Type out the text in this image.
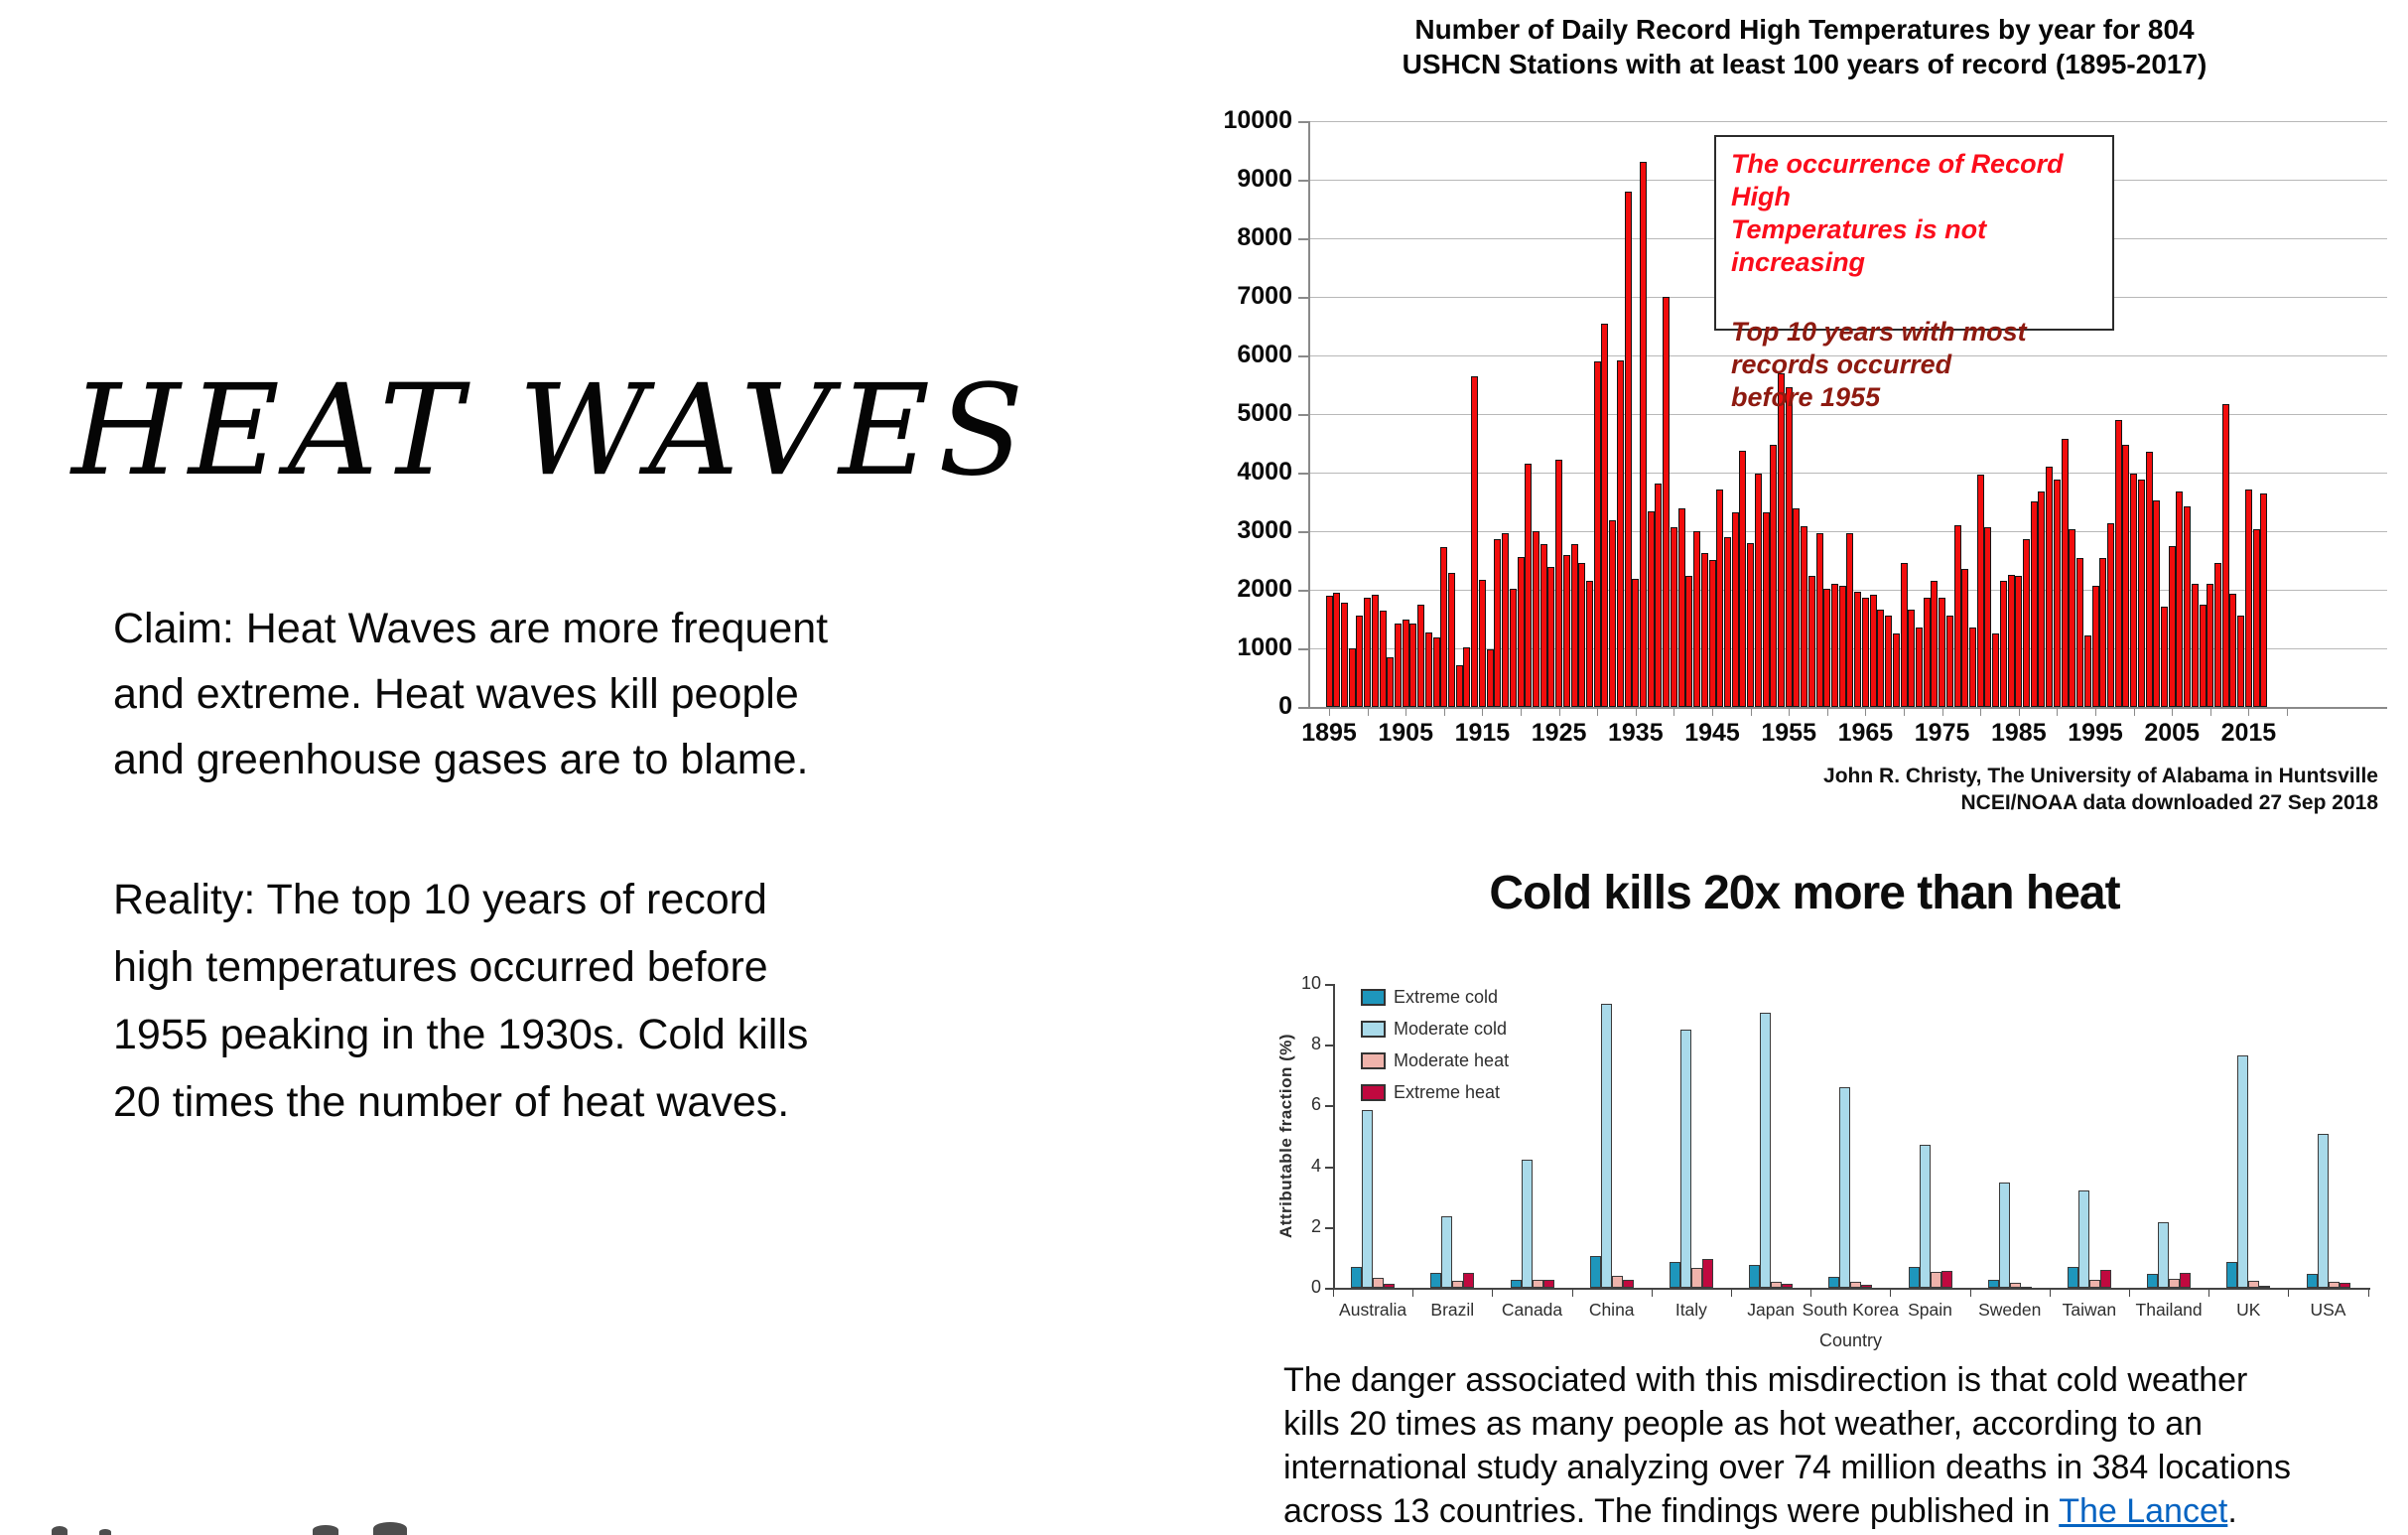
HEAT WAVES
Claim: Heat Waves are more frequent
and extreme. Heat waves kill people
and greenhouse gases are to blame.
Reality: The top 10 years of record
high temperatures occurred before
1955 peaking in the 1930s. Cold kills
20 times the number of heat waves.
Number of Daily Record High Temperatures by year for 804
USHCN Stations with at least 100 years of record (1895-2017)
10000
9000
8000
7000
6000
5000
4000
3000
2000
1000
0
1895 1905 1915 1925 1935 1945 1955 1965 1975 1985 1995 2005 2015
The occurrence of Record High
Temperatures is not increasing
Top 10 years with most records occurred
before 1955
John R. Christy, The University of Alabama in Huntsville
NCEI/NOAA data downloaded 27 Sep 2018
Cold kills 20x more than heat
10
8
6
4
2
0
Australia	Brazil	Canada	China	Italy	Japan South Korea Spain	Sweden	Taiwan	Thailand	UK	USA
Extreme cold
Moderate cold
Moderate heat
Extreme heat
Attributable fraction (%)
Country
The danger associated with this misdirection is that cold weather
kills 20 times as many people as hot weather, according to an
international study analyzing over 74 million deaths in 384 locations
across 13 countries. The findings were published in The Lancet.
